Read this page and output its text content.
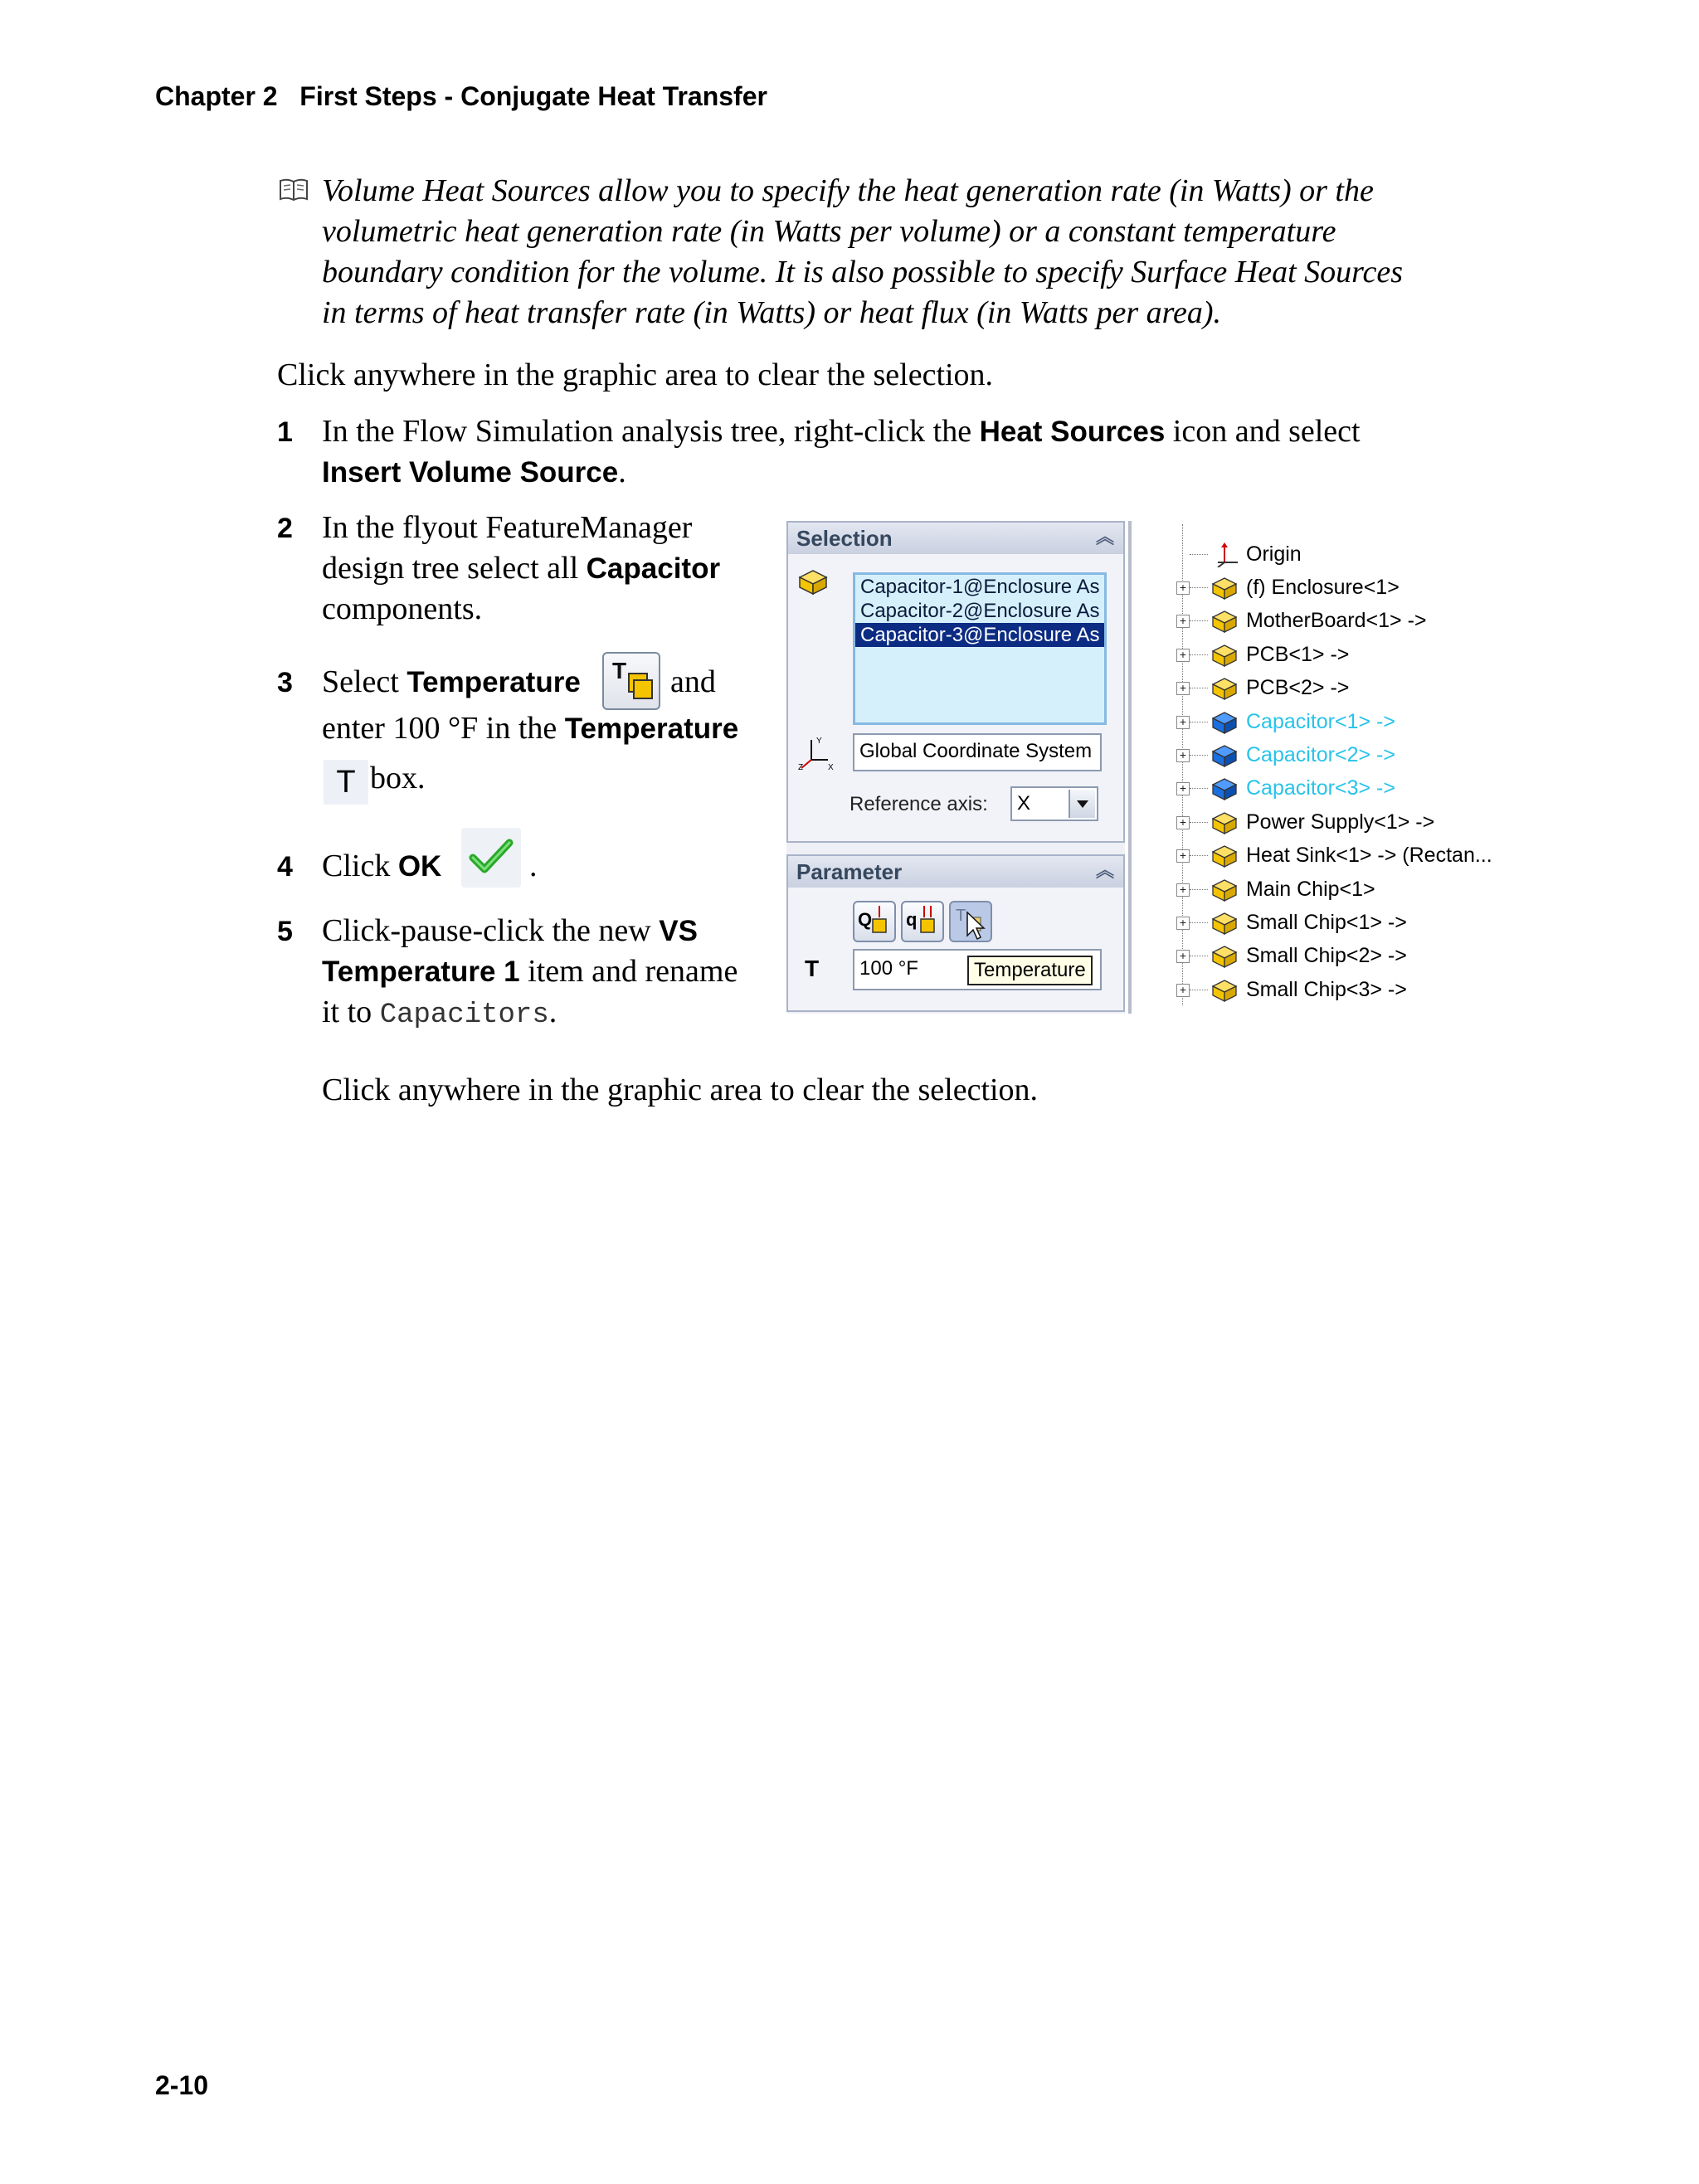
Chapter 2   First Steps - Conjugate Heat Transfer
Volume Heat Sources allow you to specify the heat generation rate (in Watts) or the
volumetric heat generation rate (in Watts per volume) or a constant temperature
boundary condition for the volume. It is also possible to specify Surface Heat Sources
in terms of heat transfer rate (in Watts) or heat flux (in Watts per area).
Click anywhere in the graphic area to clear the selection.
1 In the Flow Simulation analysis tree, right-click the Heat Sources icon and select
Insert Volume Source.
2 In the flyout FeatureManager
design tree select all Capacitor
components.
3 Select Temperature T and
enter 100 °F in the Temperature
T box.
4 Click OK	.
5 Click-pause-click the new VS
Temperature 1 item and rename
it to Capacitors.
Click anywhere in the graphic area to clear the selection.
Selection	︽
Capacitor-1@Enclosure As
Capacitor-2@Enclosure As
Capacitor-3@Enclosure As
Y
X
Z
Global Coordinate System
Reference axis:	X
Parameter	︽
Q q T
T	100 °F	Temperature
Origin
+	(f) Enclosure<1>
+	MotherBoard<1> ->
+	PCB<1> ->
+	PCB<2> ->
+	Capacitor<1> ->
+	Capacitor<2> ->
+	Capacitor<3> ->
+	Power Supply<1> ->
+	Heat Sink<1> -> (Rectan...
+	Main Chip<1>
+	Small Chip<1> ->
+	Small Chip<2> ->
+	Small Chip<3> ->
2-10
